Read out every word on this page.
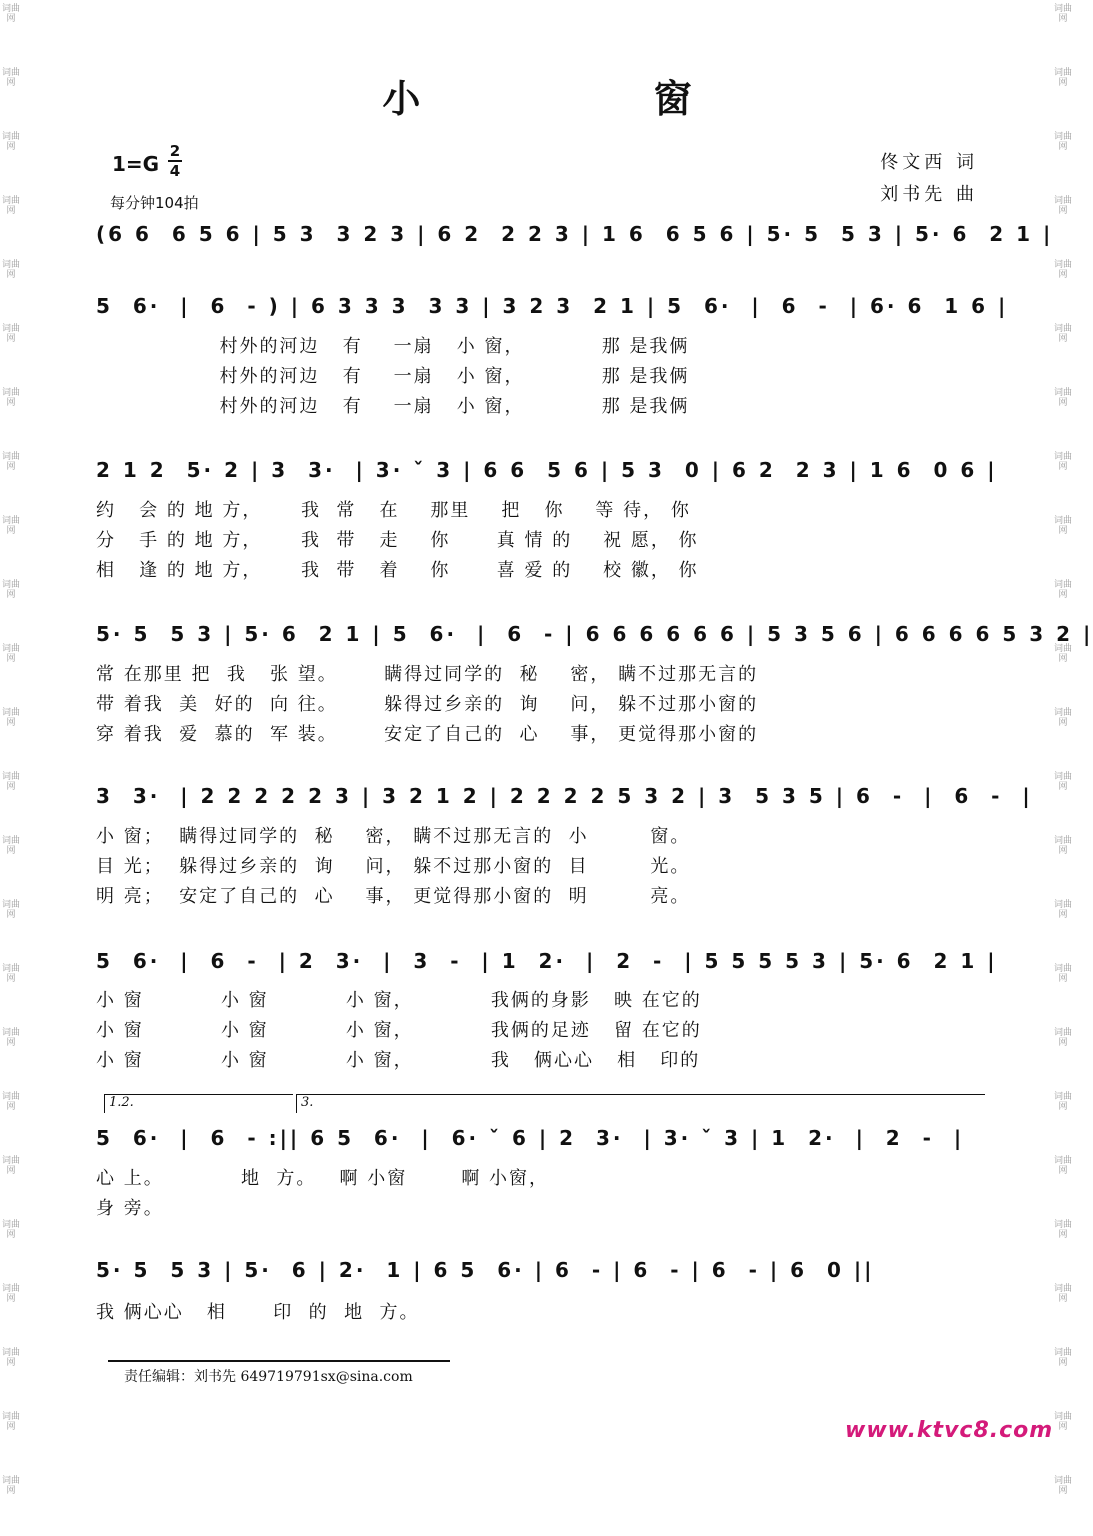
词曲网
词曲网
词曲网
词曲网
词曲网
词曲网
词曲网
词曲网
词曲网
词曲网
词曲网
词曲网
词曲网
词曲网
词曲网
词曲网
词曲网
词曲网
词曲网
词曲网
词曲网
词曲网
词曲网
词曲网
词曲网
词曲网
词曲网
词曲网
词曲网
词曲网
词曲网
词曲网
词曲网
词曲网
词曲网
词曲网
词曲网
词曲网
词曲网
词曲网
词曲网
词曲网
词曲网
词曲网
词曲网
词曲网
词曲网
词曲网
小 窗
1=G
2
4
每分钟104拍
佟文西 词
刘书先 曲
(6 6  6 5 6 | 5 3  3 2 3 | 6 2  2 2 3 | 1 6  6 5 6 | 5· 5  5 3 | 5· 6  2 1 |
5  6·  |  6  - ) | 6 3 3 3  3 3 | 3 2 3  2 1 | 5  6·  |  6  -  | 6· 6  1 6 |
村外的河边   有    一扇   小 窗，          那 是我俩
村外的河边   有    一扇   小 窗，          那 是我俩
村外的河边   有    一扇   小 窗，          那 是我俩
2 1 2  5· 2 | 3  3·  | 3· ˇ 3 | 6 6  5 6 | 5 3  0 | 6 2  2 3 | 1 6  0 6 |
约   会 的 地 方，     我  常   在    那里    把   你    等 待， 你
分   手 的 地 方，     我  带   走    你      真 情 的    祝 愿， 你
相   逢 的 地 方，     我  带   着    你      喜 爱 的    校 徽， 你
5· 5  5 3 | 5· 6  2 1 | 5  6·  |  6  - | 6 6 6 6 6 6 | 5 3 5 6 | 6 6 6 6 5 3 2 |
常 在那里 把  我   张 望。      瞒得过同学的  秘    密， 瞒不过那无言的
带 着我  美  好的  向 往。      躲得过乡亲的  询    问， 躲不过那小窗的
穿 着我  爱  慕的  军 装。      安定了自己的  心    事， 更觉得那小窗的
3  3·  | 2 2 2 2 2 3 | 3 2 1 2 | 2 2 2 2 5 3 2 | 3  5 3 5 | 6  -  |  6  -  |
小 窗；  瞒得过同学的  秘    密， 瞒不过那无言的  小        窗。
目 光；  躲得过乡亲的  询    问， 躲不过那小窗的  目        光。
明 亮；  安定了自己的  心    事， 更觉得那小窗的  明        亮。
5  6·  |  6  -  | 2  3·  |  3  -  | 1  2·  |  2  -  | 5 5 5 5 3 | 5· 6  2 1 |
小 窗          小 窗          小 窗，          我俩的身影   映 在它的
小 窗          小 窗          小 窗，          我俩的足迹   留 在它的
小 窗          小 窗          小 窗，          我   俩心心   相   印的
1.2.	3.
5  6·  |  6  - :|| 6 5  6·  |  6· ˇ 6 | 2  3·  | 3· ˇ 3 | 1  2·  |  2  -  |
心 上。          地  方。   啊 小窗       啊 小窗，
身 旁。
5· 5  5 3 | 5·  6 | 2·  1 | 6 5  6· | 6  - | 6  - | 6  - | 6  0 ||
我 俩心心   相      印  的  地  方。
责任编辑：刘书先 649719791sx@sina.com
www.ktvc8.com
